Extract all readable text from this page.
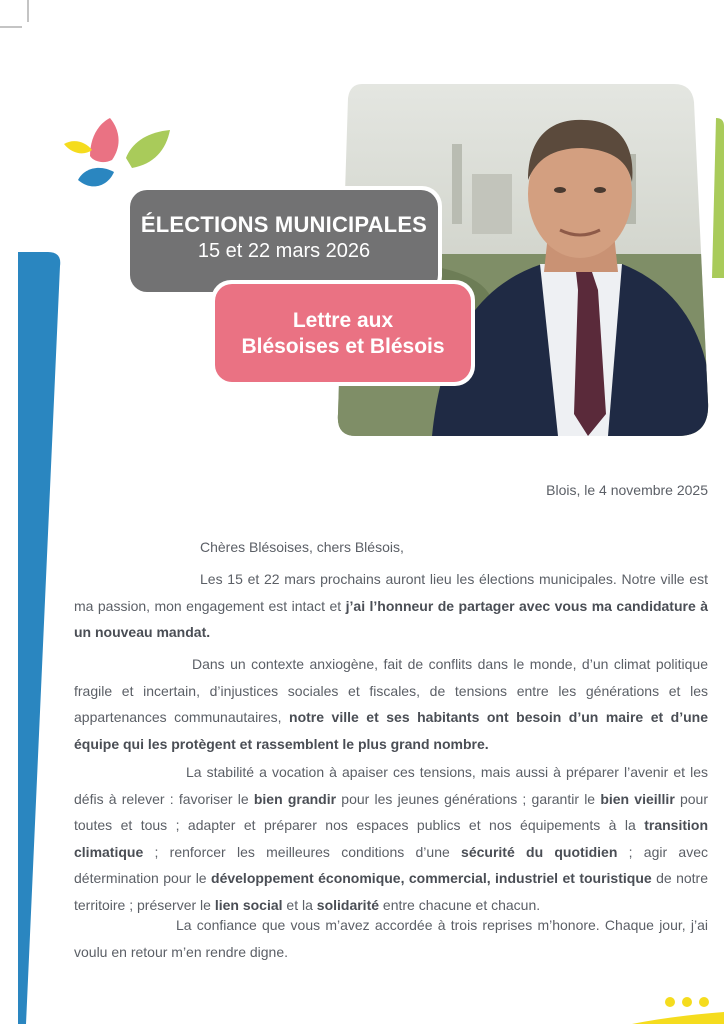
ÉLECTIONS MUNICIPALES
15 et 22 mars 2026
Lettre aux
Blésoises et Blésois
Blois, le 4 novembre 2025
Chères Blésoises, chers Blésois,
Les 15 et 22 mars prochains auront lieu les élections municipales. Notre ville est ma passion, mon engagement est intact et j’ai l’honneur de partager avec vous ma candidature à un nouveau mandat.
Dans un contexte anxiogène, fait de conflits dans le monde, d’un climat politique fragile et incertain, d’injustices sociales et fiscales, de tensions entre les générations et les appartenances communautaires, notre ville et ses habitants ont besoin d’un maire et d’une équipe qui les protègent et rassemblent le plus grand nombre.
La stabilité a vocation à apaiser ces tensions, mais aussi à préparer l’avenir et les défis à relever : favoriser le bien grandir pour les jeunes générations ; garantir le bien vieillir pour toutes et tous ; adapter et préparer nos espaces publics et nos équipements à la transition climatique ; renforcer les meilleures conditions d’une sécurité du quotidien ; agir avec détermination pour le développement économique, commercial, industriel et touristique de notre territoire ; préserver le lien social et la solidarité entre chacune et chacun.
La confiance que vous m’avez accordée à trois reprises m’honore. Chaque jour, j’ai voulu en retour m’en rendre digne.
